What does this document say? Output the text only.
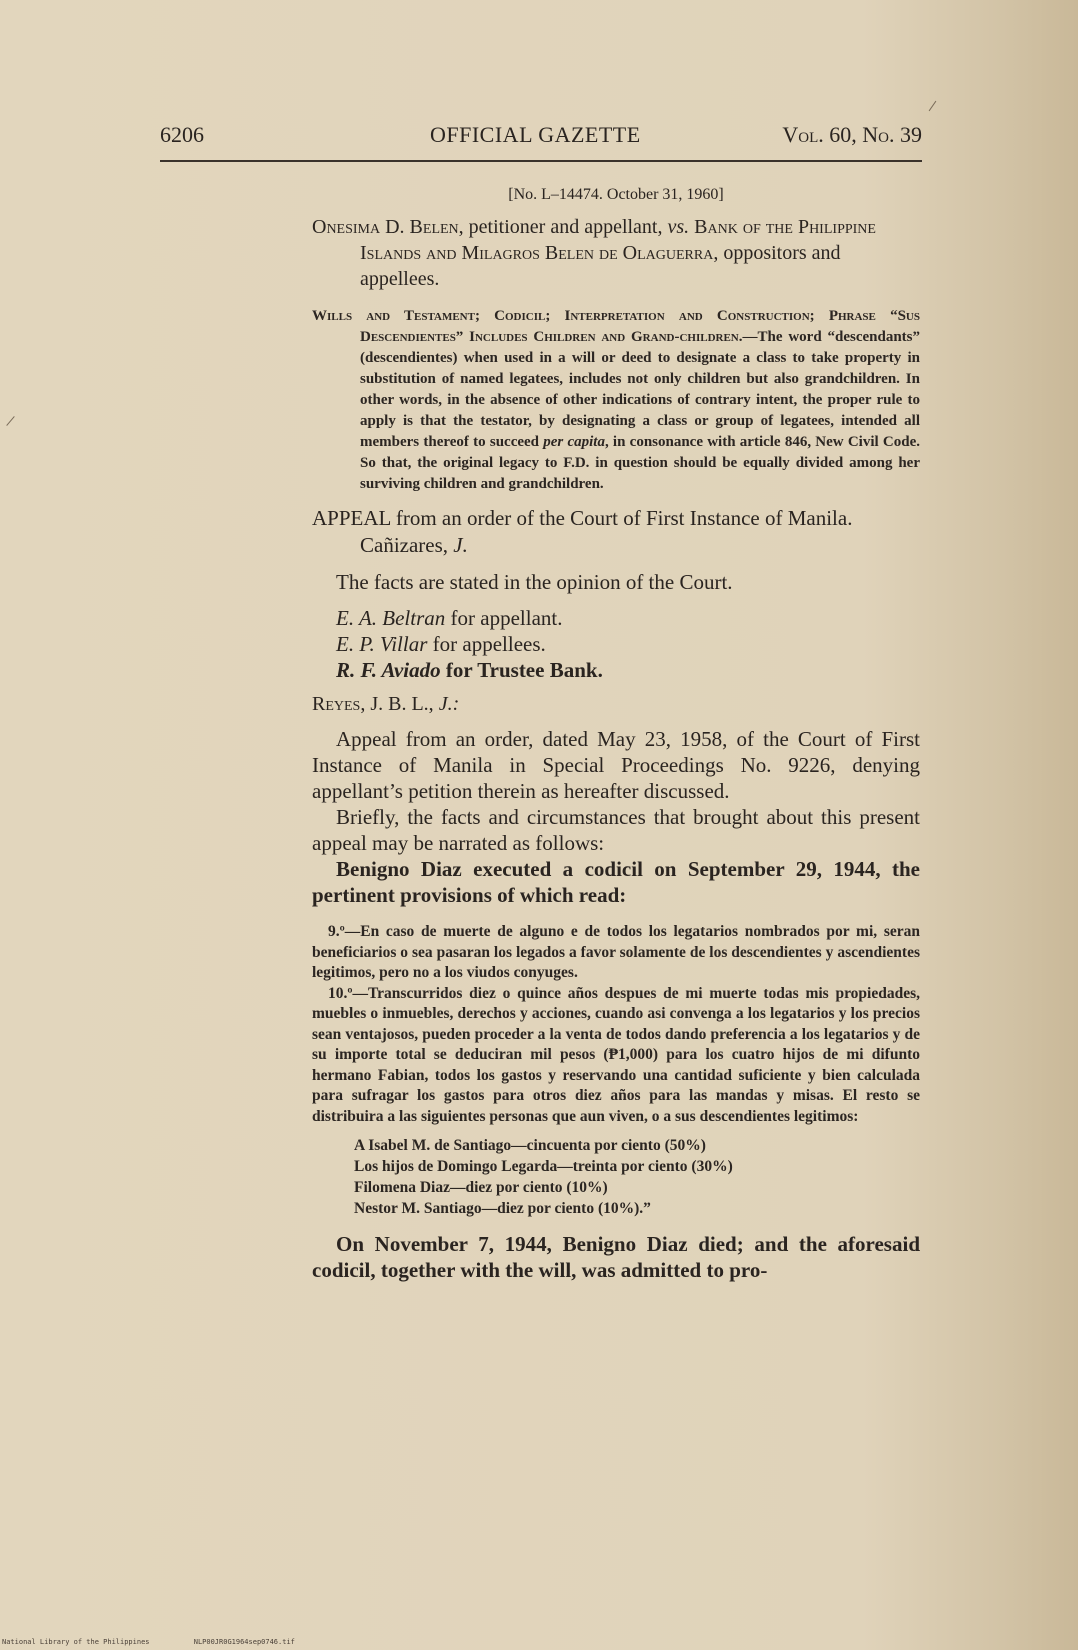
6206	OFFICIAL GAZETTE	Vol. 60, No. 39
[No. L–14474. October 31, 1960]

Onesima D. Belen, petitioner and appellant, vs. Bank of the Philippine Islands and Milagros Belen de Olaguerra, oppositors and appellees.

Wills and Testament; Codicil; Interpretation and Construction; Phrase “Sus Descendientes” Includes Children and Grand-children.—The word “descendants” (descendientes) when used in a will or deed to designate a class to take property in substitution of named legatees, includes not only children but also grandchildren. In other words, in the absence of other indications of contrary intent, the proper rule to apply is that the testator, by designating a class or group of legatees, intended all members thereof to succeed per capita, in consonance with article 846, New Civil Code. So that, the original legacy to F.D. in question should be equally divided among her surviving children and grandchildren.

APPEAL from an order of the Court of First Instance of Manila. Cañizares, J.

The facts are stated in the opinion of the Court.

E. A. Beltran for appellant.
E. P. Villar for appellees.
R. F. Aviado for Trustee Bank.
Reyes, J. B. L., J.:

Appeal from an order, dated May 23, 1958, of the Court of First Instance of Manila in Special Proceedings No. 9226, denying appellant’s petition therein as hereafter discussed.

Briefly, the facts and circumstances that brought about this present appeal may be narrated as follows:

Benigno Diaz executed a codicil on September 29, 1944, the pertinent provisions of which read:

9.º—En caso de muerte de alguno e de todos los legatarios nombrados por mi, seran beneficiarios o sea pasaran los legados a favor solamente de los descendientes y ascendientes legitimos, pero no a los viudos conyuges.

10.º—Transcurridos diez o quince años despues de mi muerte todas mis propiedades, muebles o inmuebles, derechos y acciones, cuando asi convenga a los legatarios y los precios sean ventajosos, pueden proceder a la venta de todos dando preferencia a los legatarios y de su importe total se deduciran mil pesos (₱1,000) para los cuatro hijos de mi difunto hermano Fabian, todos los gastos y reservando una cantidad suficiente y bien calculada para sufragar los gastos para otros diez años para las mandas y misas. El resto se distribuira a las siguientes personas que aun viven, o a sus descendientes legitimos:

A Isabel M. de Santiago—cincuenta por ciento (50%)
Los hijos de Domingo Legarda—treinta por ciento (30%)
Filomena Diaz—diez por ciento (10%)
Nestor M. Santiago—diez por ciento (10%).”

On November 7, 1944, Benigno Diaz died; and the aforesaid codicil, together with the will, was admitted to pro-

National Library of the Philippines	NLP00JR0G1964sep0746.tif
